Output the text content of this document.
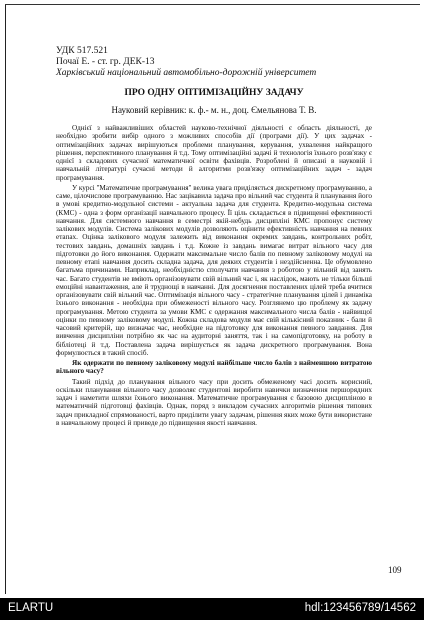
УДК 517.521
Почаї Е. - ст. гр. ДЕК-13
Харківський національний автомобільно-дорожній університет
ПРО ОДНУ ОПТИМІЗАЦІЙНУ ЗАДАЧУ
Науковий керівник: к. ф.- м. н., доц. Ємельянова Т. В.

Однієї з найважливіших областей науково-технічної діяльності є область діяльності, де необхідно зробити вибір одного з можливих способів дії (програми дії). У цих задачах - оптимізаційних задачах вирішуються проблеми планування, керування, ухвалення найкращого рішення, перспективного планування й т.д. Тому оптимізаційні задачі й технологія їхнього розв'язку є однієї з складових сучасної математичної освіти фахівців. Розроблені й описані в науковій і навчальній літературі сучасні методи й алгоритми розв'язку оптимізаційних задач - задач програмування.

У курсі "Математичне програмування" велика увага приділяється дискретному програмуванню, а саме, цілочислове програмуванню. Нас зацікавила задача про вільний час студента й планування його в умові кредитно-модульної системи - актуальна задача для студента. Кредитно-модульна система (КМС) - одна з форм організації навчального процесу. Її ціль складається в підвищенні ефективності навчання. Для системного навчання в семестрі якій-небудь дисципліні КМС пропонує систему залікових модулів. Система залікових модулів дозволяють оцінити ефективність навчання на певних етапах. Оцінка залікового модуля залежить від виконання окремих завдань, контрольних робіт, тестових завдань, домашніх завдань і т.д. Кожне із завдань вимагає витрат вільного часу для підготовки до його виконання. Одержати максимальне число балів по певному заліковому модулі на певному етапі навчання досить складна задача, для деяких студентів і нездійсненна. Це обумовлено багатьма причинами. Наприклад, необхідністю сполучати навчання з роботою у вільний від занять час. Багато студентів не вміють організовувати свій вільний час і, як наслідок, мають не тільки більші емоційні навантаження, але й труднощі в навчанні. Для досягнення поставлених цілей треба вчитися організовувати свій вільний час. Оптимізація вільного часу - стратегічне планування цілей і динаміка їхнього виконання - необхідна при обмеженості вільного часу. Розглянемо цю проблему як задачу програмування. Метою студента за умови КМС є одержання максимального числа балів - найвищої оцінки по певному заліковому модулі. Кожна складова модуля має свій кількісний показник - бали й часовий критерій, що визначає час, необхідне на підготовку для виконання певного завдання. Для вивчення дисципліни потрібно як час на аудиторні заняття, так і на самопідготовку, на роботу в бібліотеці й т.д. Поставлена задача вирішується як задача дискретного програмування. Вона формулюється в такий спосіб.

Як одержати по певному заліковому модулі найбільше число балів з найменшою витратою вільного часу?

Такий підхід до планування вільного часу при досить обмеженому часі досить корисний, оскільки планування вільного часу дозволяє студентові виробити навички визначення першорядних задач і наметити шляхи їхнього виконання. Математичне програмування є базовою дисципліною в математичній підготовці фахівців. Однак, поряд з викладом сучасних алгоритмів рішення типових задач прикладної спрямованості, варто приділити увагу задачам, рішення яких може бути використане в навчальному процесі й приведе до підвищення якості навчання.

109
ELARTU	hdl:123456789/14562
